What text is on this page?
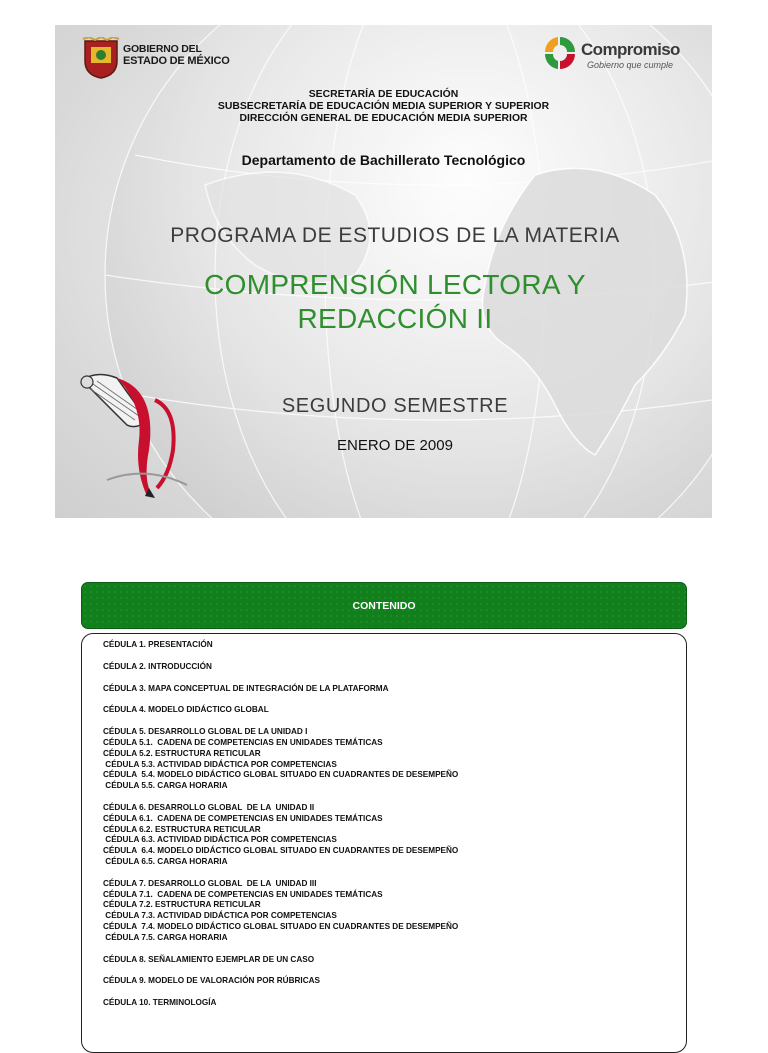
GOBIERNO DEL
ESTADO DE MÉXICO
Compromiso
Gobierno que cumple
SECRETARÍA DE EDUCACIÓN
SUBSECRETARÍA DE EDUCACIÓN MEDIA SUPERIOR Y SUPERIOR
DIRECCIÓN GENERAL DE EDUCACIÓN MEDIA SUPERIOR
Departamento de Bachillerato Tecnológico
PROGRAMA DE ESTUDIOS DE LA MATERIA
COMPRENSIÓN LECTORA Y
REDACCIÓN II
SEGUNDO SEMESTRE
ENERO DE 2009
CONTENIDO
CÉDULA 1. PRESENTACIÓN
CÉDULA 2. INTRODUCCIÓN
CÉDULA 3. MAPA CONCEPTUAL DE INTEGRACIÓN DE LA PLATAFORMA
CÉDULA 4. MODELO DIDÁCTICO GLOBAL
CÉDULA 5. DESARROLLO GLOBAL DE LA UNIDAD I
CÉDULA 5.1.  CADENA DE COMPETENCIAS EN UNIDADES TEMÁTICAS
CÉDULA 5.2. ESTRUCTURA RETICULAR
CÉDULA 5.3. ACTIVIDAD DIDÁCTICA POR COMPETENCIAS
CÉDULA  5.4. MODELO DIDÁCTICO GLOBAL SITUADO EN CUADRANTES DE DESEMPEÑO
CÉDULA 5.5. CARGA HORARIA
CÉDULA 6. DESARROLLO GLOBAL  DE LA  UNIDAD II
CÉDULA 6.1.  CADENA DE COMPETENCIAS EN UNIDADES TEMÁTICAS
CÉDULA 6.2. ESTRUCTURA RETICULAR
CÉDULA 6.3. ACTIVIDAD DIDÁCTICA POR COMPETENCIAS
CÉDULA  6.4. MODELO DIDÁCTICO GLOBAL SITUADO EN CUADRANTES DE DESEMPEÑO
CÉDULA 6.5. CARGA HORARIA
CÉDULA 7. DESARROLLO GLOBAL  DE LA  UNIDAD III
CÉDULA 7.1.  CADENA DE COMPETENCIAS EN UNIDADES TEMÁTICAS
CÉDULA 7.2. ESTRUCTURA RETICULAR
CÉDULA 7.3. ACTIVIDAD DIDÁCTICA POR COMPETENCIAS
CÉDULA  7.4. MODELO DIDÁCTICO GLOBAL SITUADO EN CUADRANTES DE DESEMPEÑO
CÉDULA 7.5. CARGA HORARIA
CÉDULA 8. SEÑALAMIENTO EJEMPLAR DE UN CASO
CÉDULA 9. MODELO DE VALORACIÓN POR RÚBRICAS
CÉDULA 10. TERMINOLOGÍA
